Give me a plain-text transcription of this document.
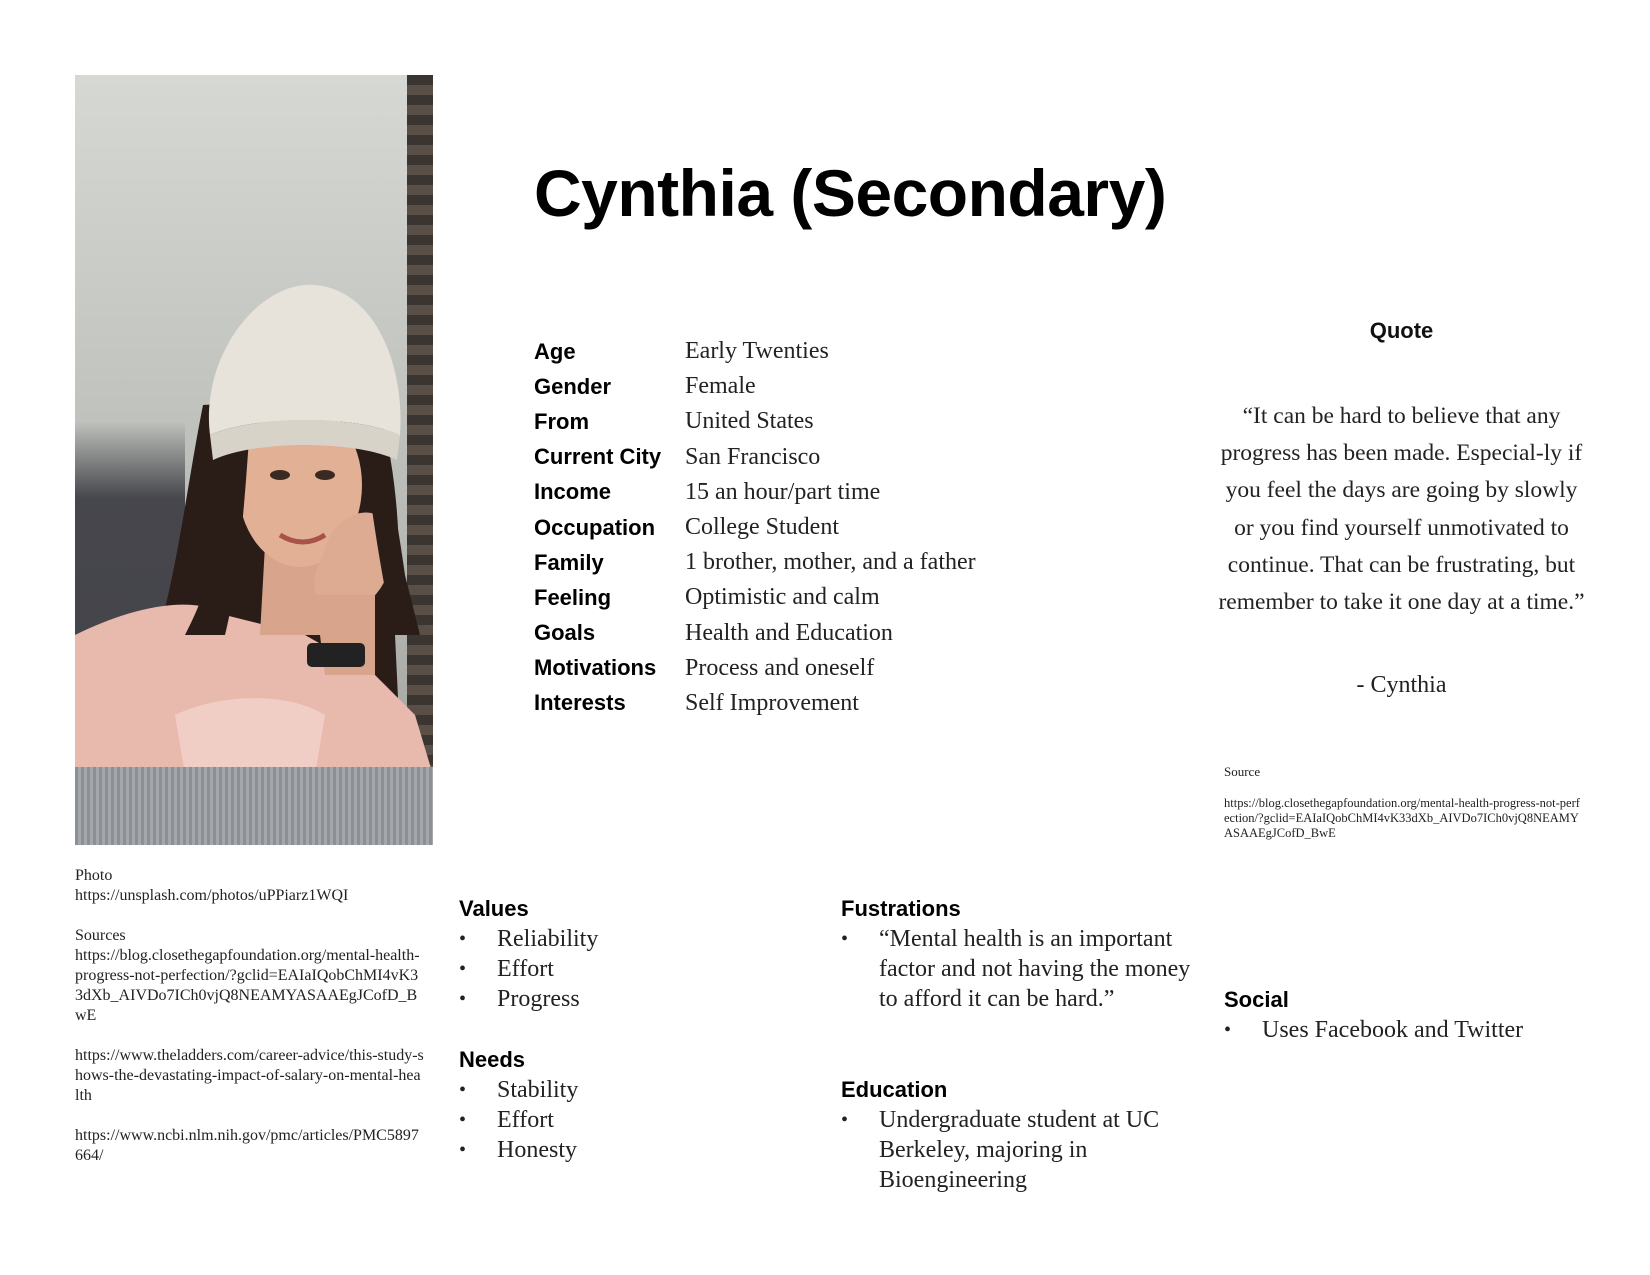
Cynthia (Secondary)
Age	Early Twenties
Gender	Female
From	United States
Current City	San Francisco
Income	15 an hour/part time
Occupation	College Student
Family	1 brother, mother, and a father
Feeling	Optimistic and calm
Goals	Health and Education
Motivations	Process and oneself
Interests	Self Improvement
Quote

“It can be hard to believe that any progress has been made. Especial-ly if you feel the days are going by slowly or you find yourself unmotivated to continue. That can be frustrating, but remember to take it one day at a time.”

- Cynthia
Source
https://blog.closethegapfoundation.org/mental-health-progress-not-perfection/?gclid=EAIaIQobChMI4vK33dXb_AIVDo7ICh0vjQ8NEAMYASAAEgJCofD_BwE
Photo
https://unsplash.com/photos/uPPiarz1WQI
Sources
https://blog.closethegapfoundation.org/mental-health-progress-not-perfection/?gclid=EAIaIQobChMI4vK33dXb_AIVDo7ICh0vjQ8NEAMYASAAEgJCofD_BwE
https://www.theladders.com/career-advice/this-study-shows-the-devastating-impact-of-salary-on-mental-health
https://www.ncbi.nlm.nih.gov/pmc/articles/PMC5897664/
Values
• Reliability
• Effort
• Progress
Needs
• Stability
• Effort
• Honesty
Fustrations
• “Mental health is an important factor and not having the money to afford it can be hard.”
Education
• Undergraduate student at UC Berkeley, majoring in Bioengineering
Social
• Uses Facebook and Twitter
